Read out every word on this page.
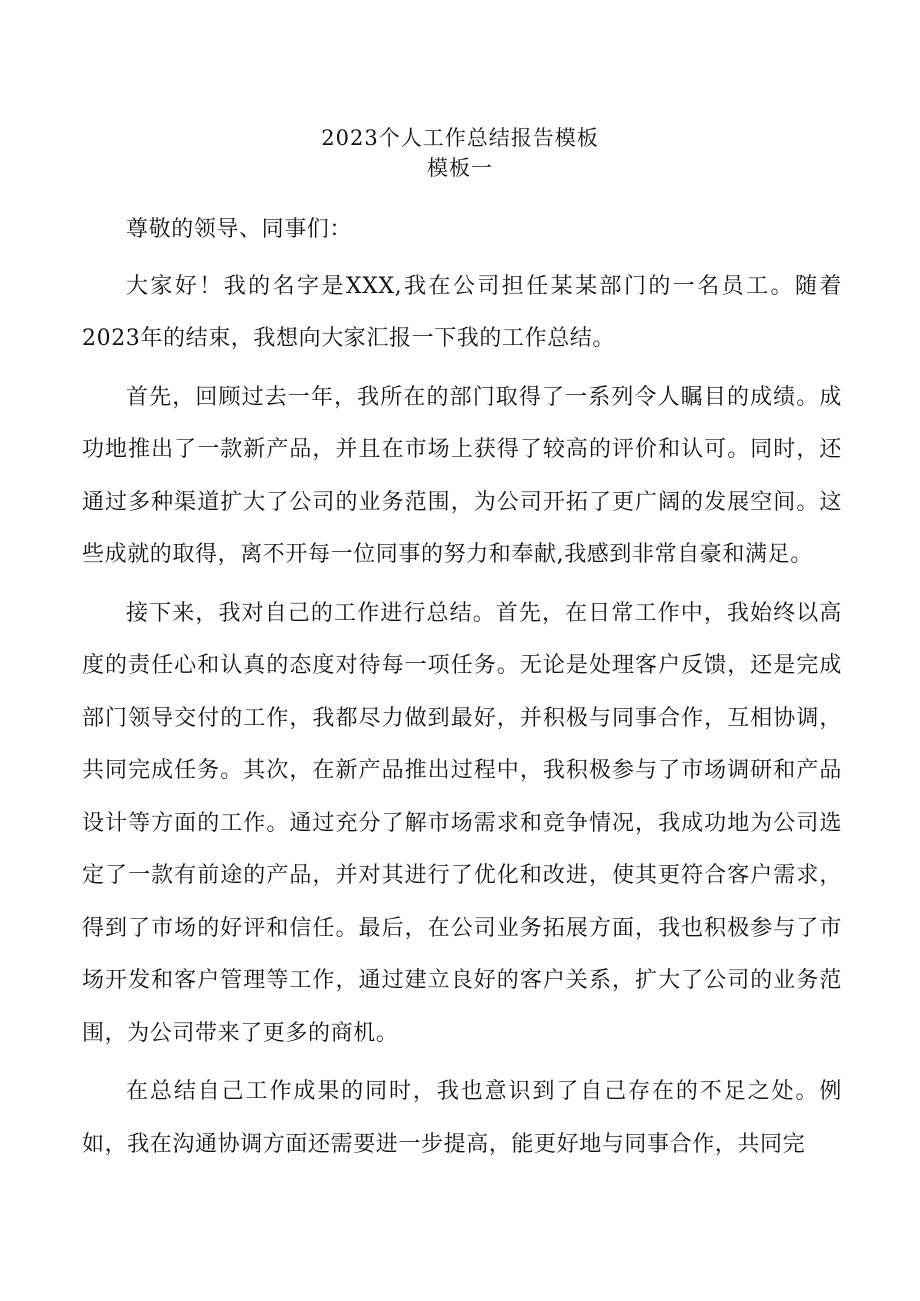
2023个人工作总结报告模板
模板一

尊敬的领导、同事们：

大家好！我的名字是XXX,我在公司担任某某部门的一名员工。随着2023年的结束，我想向大家汇报一下我的工作总结。

首先，回顾过去一年，我所在的部门取得了一系列令人瞩目的成绩。成功地推出了一款新产品，并且在市场上获得了较高的评价和认可。同时，还通过多种渠道扩大了公司的业务范围，为公司开拓了更广阔的发展空间。这些成就的取得，离不开每一位同事的努力和奉献,我感到非常自豪和满足。

接下来，我对自己的工作进行总结。首先，在日常工作中，我始终以高度的责任心和认真的态度对待每一项任务。无论是处理客户反馈，还是完成部门领导交付的工作，我都尽力做到最好，并积极与同事合作，互相协调，共同完成任务。其次，在新产品推出过程中，我积极参与了市场调研和产品设计等方面的工作。通过充分了解市场需求和竞争情况，我成功地为公司选定了一款有前途的产品，并对其进行了优化和改进，使其更符合客户需求，得到了市场的好评和信任。最后，在公司业务拓展方面，我也积极参与了市场开发和客户管理等工作，通过建立良好的客户关系，扩大了公司的业务范围，为公司带来了更多的商机。

在总结自己工作成果的同时，我也意识到了自己存在的不足之处。例如，我在沟通协调方面还需要进一步提高，能更好地与同事合作，共同完
